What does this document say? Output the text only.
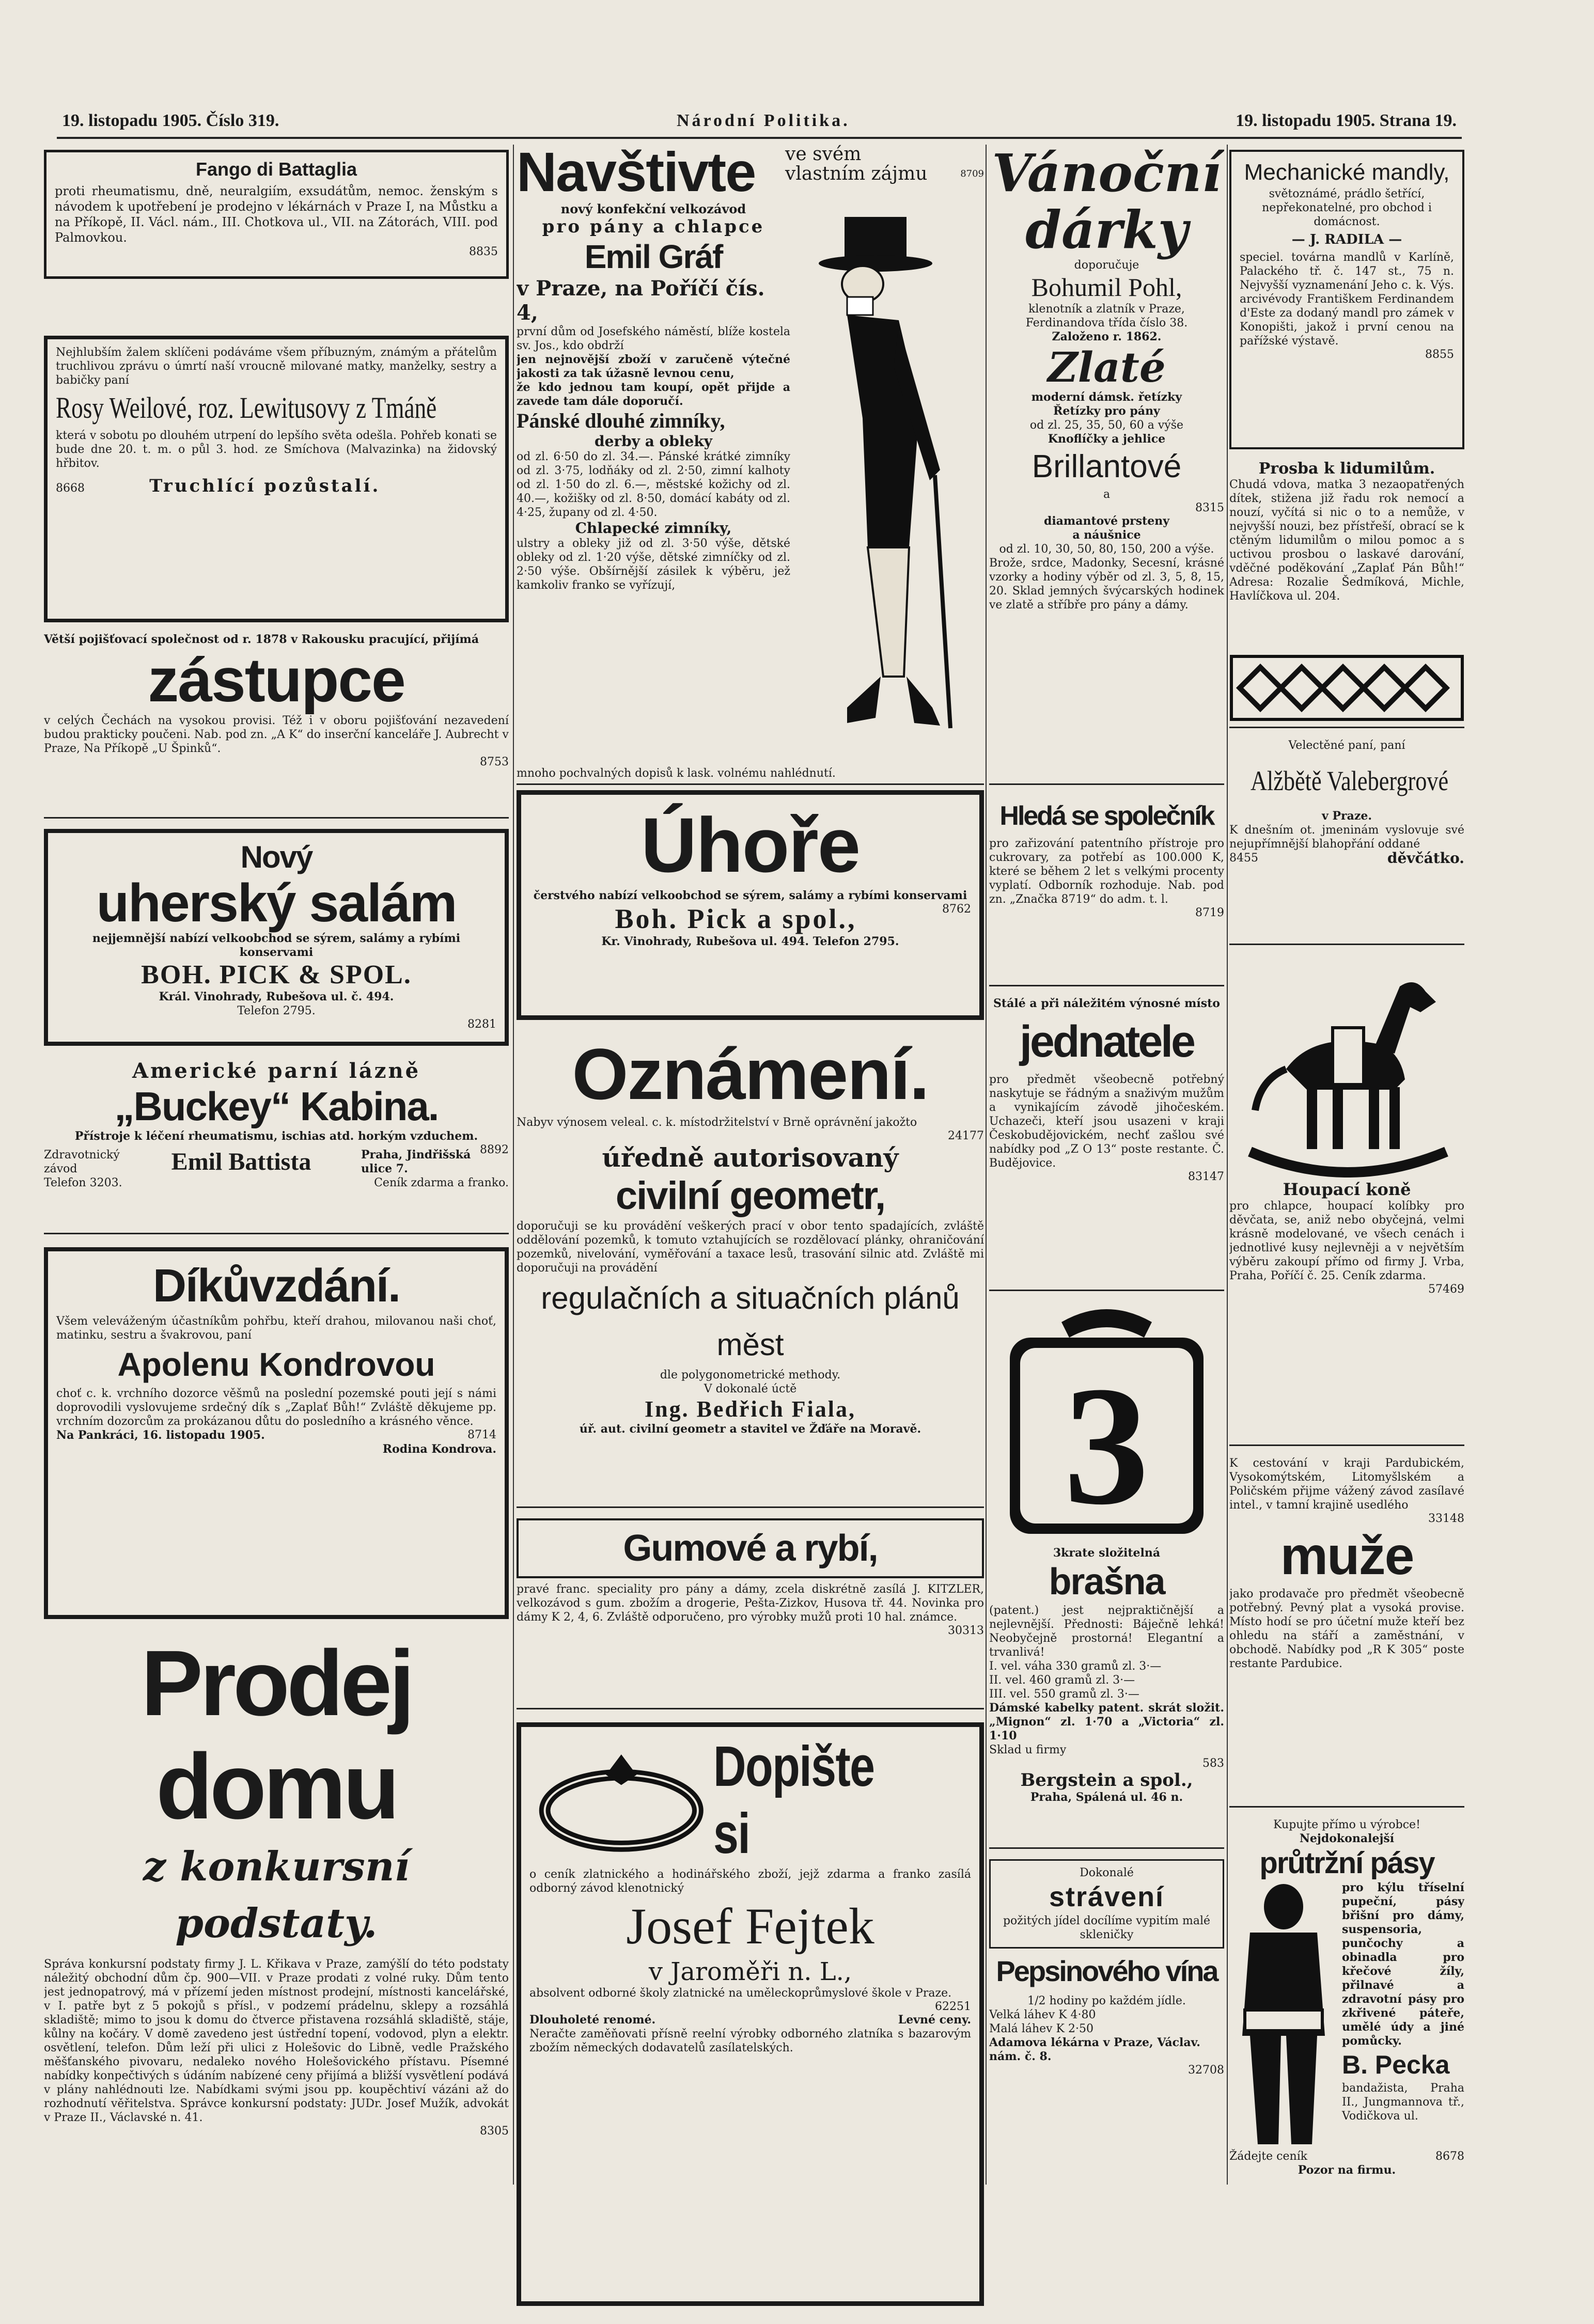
19. listopadu 1905. Číslo 319.	Národní Politika.	19. listopadu 1905. Strana 19.
Fango di Battaglia
proti rheumatismu, dně, neuralgiím, exsudátům, nemoc. ženským s návodem k upotřebení je prodejno v lékárnách v Praze I, na Můstku a na Příkopě, II. Václ. nám., III. Chotkova ul., VII. na Zátorách, VIII. pod Palmovkou.
8835
Nejhlubším žalem sklíčeni podáváme všem příbuzným, známým a přátelům truchlivou zprávu o úmrtí naší vroucně milované matky, manželky, sestry a babičky paní
Rosy Weilové, roz. Lewitusovy z Tmáně
která v sobotu po dlouhém utrpení do lepšího světa odešla. Pohřeb konati se bude dne 20. t. m. o půl 3. hod. ze Smíchova (Malvazinka) na židovský hřbitov.
8668	Truchlící pozůstalí.
Větší pojišťovací společnost od r. 1878 v Rakousku pracující, přijímá
zástupce
v celých Čechách na vysokou provisi. Též i v oboru pojišťování nezavedení budou prakticky poučeni. Nab. pod zn. „A K“ do inserční kanceláře J. Aubrecht v Praze, Na Příkopě „U Špinků“.
8753
Nový
uherský salám
nejjemnější nabízí velkoobchod se sýrem, salámy a rybími konservami
BOH. PICK & SPOL.
Král. Vinohrady, Rubešova ul. č. 494.
Telefon 2795.
8281
Americké parní lázně
„Buckey“ Kabina.
Přístroje k léčení rheumatismu, ischias atd. horkým vzduchem.
8892
Zdravotnický závod	Emil Battista	Praha, Jindřišská ulice 7.
Telefon 3203.	Ceník zdarma a franko.
Díkůvzdání.
Všem veleváženým účastníkům pohřbu, kteří drahou, milovanou naši choť, matinku, sestru a švakrovou, paní
Apolenu Kondrovou
choť c. k. vrchního dozorce věšmů na poslední pozemské pouti její s námi doprovodili vyslovujeme srdečný dík s „Zaplať Bůh!“ Zvláště děkujeme pp. vrchním dozorcům za prokázanou důtu do posledního a krásného věnce.
8714
Na Pankráci, 16. listopadu 1905.
Rodina Kondrova.
Prodej domu
z konkursní podstaty.
Správa konkursní podstaty firmy J. L. Křikava v Praze, zamýšlí do této podstaty náležitý obchodní dům čp. 900—VII. v Praze prodati z volné ruky. Dům tento jest jednopatrový, má v přízemí jeden místnost prodejní, místnosti kancelářské, v I. patře byt z 5 pokojů s přísl., v podzemí prádelnu, sklepy a rozsáhlá skladiště; mimo to jsou k domu do čtverce přistavena rozsáhlá skladiště, stáje, kůlny na kočáry. V domě zavedeno jest ústřední topení, vodovod, plyn a elektr. osvětlení, telefon. Dům leží při ulici z Holešovic do Libně, vedle Pražského měšťanského pivovaru, nedaleko nového Holešovického přístavu. Písemné nabídky konpečtivých s údáním nabízené ceny přijímá a bližší vysvětlení podává v plány nahlédnouti lze. Nabídkami svými jsou pp. koupěchtiví vázáni až do rozhodnutí věřitelstva. Správce konkursní podstaty: JUDr. Josef Mužík, advokát v Praze II., Václavské n. 41.
8305
Navštivte ve svém vlastním zájmu	8709
nový konfekční velkozávod
pro pány a chlapce
Emil Gráf
v Praze, na Poříčí čís. 4,
první dům od Josefského náměstí, blíže kostela sv. Jos., kdo obdrží
jen nejnovější zboží v zaručeně výtečné jakosti za tak úžasně levnou cenu,
že kdo jednou tam koupí, opět přijde a zavede tam dále doporučí.
Pánské dlouhé zimníky,
derby a obleky
od zl. 6·50 do zl. 34.—. Pánské krátké zimníky od zl. 3·75, lodňáky od zl. 2·50, zimní kalhoty od zl. 1·50 do zl. 6.—, městské kožichy od zl. 40.—, kožišky od zl. 8·50, domácí kabáty od zl. 4·25, župany od zl. 4·50.
Chlapecké zimníky,
ulstry a obleky již od zl. 3·50 výše, dětské obleky od zl. 1·20 výše, dětské zimníčky od zl. 2·50 výše. Obšírnější zásilek k výběru, jež kamkoliv franko se vyřízují,
mnoho pochvalných dopisů k lask. volnému nahlédnutí.
Úhoře
čerstvého nabízí velkoobchod se sýrem, salámy a rybími konservami
8762
Boh. Pick a spol.,
Kr. Vinohrady, Rubešova ul. 494. Telefon 2795.
Oznámení.
Nabyv výnosem veleal. c. k. místodržitelství v Brně oprávnění jakožto
24177
úředně autorisovaný
civilní geometr,
doporučuji se ku provádění veškerých prací v obor tento spadajících, zvláště oddělování pozemků, k tomuto vztahujících se rozdělovací plánky, ohraničování pozemků, nivelování, vyměřování a taxace lesů, trasování silnic atd. Zvláště mi doporučuji na provádění
regulačních a situačních plánů měst
dle polygonometrické methody.
V dokonalé úctě
Ing. Bedřich Fiala,
úř. aut. civilní geometr a stavitel ve Žďáře na Moravě.
Gumové a rybí,
pravé franc. speciality pro pány a dámy, zcela diskrétně zasílá J. KITZLER, velkozávod s gum. zbožím a drogerie, Pešta-Zizkov, Husova tř. 44. Novinka pro dámy K 2, 4, 6. Zvláště odporučeno, pro výrobky mužů proti 10 hal. známce.
30313
Dopište si
o ceník zlatnického a hodinářského zboží, jejž zdarma a franko zasílá odborný závod klenotnický
Josef Fejtek
v Jaroměři n. L.,
absolvent odborné školy zlatnické na uměleckoprůmyslové škole v Praze.
62251
Dlouholeté renomé.	Levné ceny.
Neračte zaměňovati přísně reelní výrobky odborného zlatníka s bazarovým zbožím německých dodavatelů zasílatelských.
Vánoční
dárky
doporučuje
Bohumil Pohl,
klenotník a zlatník v Praze, Ferdinandova třída číslo 38.
Založeno r. 1862.
Zlaté
moderní dámsk. řetízky
Řetízky pro pány
od zl. 25, 35, 50, 60 a výše
Knoflíčky a jehlice
Brillantové
a
8315
diamantové prsteny
a náušnice
od zl. 10, 30, 50, 80, 150, 200 a výše.
Brože, srdce, Madonky, Secesní, krásné vzorky a hodiny výběr od zl. 3, 5, 8, 15, 20. Sklad jemných švýcarských hodinek ve zlatě a stříbře pro pány a dámy.
Hledá se společník
pro zařizování patentního přístroje pro cukrovary, za potřebí as 100.000 K, které se během 2 let s velkými procenty vyplatí. Odborník rozhoduje. Nab. pod zn. „Značka 8719“ do adm. t. l.
8719
Stálé a při náležitém výnosné místo
jednatele
pro předmět všeobecně potřebný naskytuje se řádným a snaživým mužům a vynikajícím závodě jihočeském. Uchazeči, kteří jsou usazeni v kraji Českobudějovickém, nechť zašlou své nabídky pod „Z O 13“ poste restante. Č. Budějovice.
83147
3
3krate složitelná
brašna
(patent.) jest nejpraktičnější a nejlevnější. Přednosti: Báječně lehká! Neobyčejně prostorná! Elegantní a trvanlivá!
I. vel. váha 330 gramů zl. 3·—
II. vel. 460 gramů zl. 3·—
III. vel. 550 gramů zl. 3·—
Dámské kabelky patent. skrát složit. „Mignon“ zl. 1·70 a „Victoria“ zl. 1·10
Sklad u firmy
583
Bergstein a spol.,
Praha, Spálená ul. 46 n.
Dokonalé
strávení
požitých jídel docílíme vypitím malé skleničky
Pepsinového vína
1/2 hodiny po každém jídle.
Velká láhev K 4·80
Malá láhev K 2·50
Adamova lékárna v Praze, Václav. nám. č. 8.
32708
Mechanické mandly,
světoznámé, prádlo šetřící, nepřekonatelné, pro obchod i domácnost.
— J. RADILA —
speciel. továrna mandlů v Karlíně, Palackého tř. č. 147 st., 75 n. Nejvyšší vyznamenání Jeho c. k. Výs. arcivévody Františkem Ferdinandem d'Este za dodaný mandl pro zámek v Konopišti, jakož i první cenou na pařížské výstavě.
8855
Prosba k lidumilům.
Chudá vdova, matka 3 nezaopatřených dítek, stižena již řadu rok nemocí a nouzí, vyčítá si nic o to a nemůže, v nejvyšší nouzi, bez přístřeší, obrací se k ctěným lidumilům o milou pomoc a s uctivou prosbou o laskavé darování, vděčné poděkování „Zaplať Pán Bůh!“ Adresa: Rozalie Šedmíková, Michle, Havlíčkova ul. 204.
Velectěné paní, paní
Alžbětě Valebergrové
v Praze.
K dnešním ot. jmeninám vyslovuje své nejupřímnější blahopřání oddané
8455	děvčátko.
Houpací koně
pro chlapce, houpací kolíbky pro děvčata, se, aniž nebo obyčejná, velmi krásně modelované, ve všech cenách i jednotlivé kusy nejlevněji a v největším výběru zakoupí přímo od firmy J. Vrba, Praha, Poříčí č. 25. Ceník zdarma.
57469
K cestování v kraji Pardubickém, Vysokomýtském, Litomyšlském a Poličském přijme vážený závod zasílavé intel., v tamní krajině usedlého
33148
muže
jako prodavače pro předmět všeobecně potřebný. Pevný plat a vysoká provise. Místo hodí se pro účetní muže kteří bez ohledu na stáří a zaměstnání, v obchodě. Nabídky pod „R K 305“ poste restante Pardubice.
Kupujte přímo u výrobce!
Nejdokonalejší
průtržní pásy
pro kýlu tříselní pupeční, pásy břišní pro dámy, suspensoria, punčochy a obinadla pro křečové žíly, přilnavé a zdravotní pásy pro zkřivené páteře, umělé údy a jiné pomůcky.
B. Pecka
bandažista, Praha II., Jungmannova tř., Vodičkova ul.
Žádejte ceník	8678
Pozor na firmu.
